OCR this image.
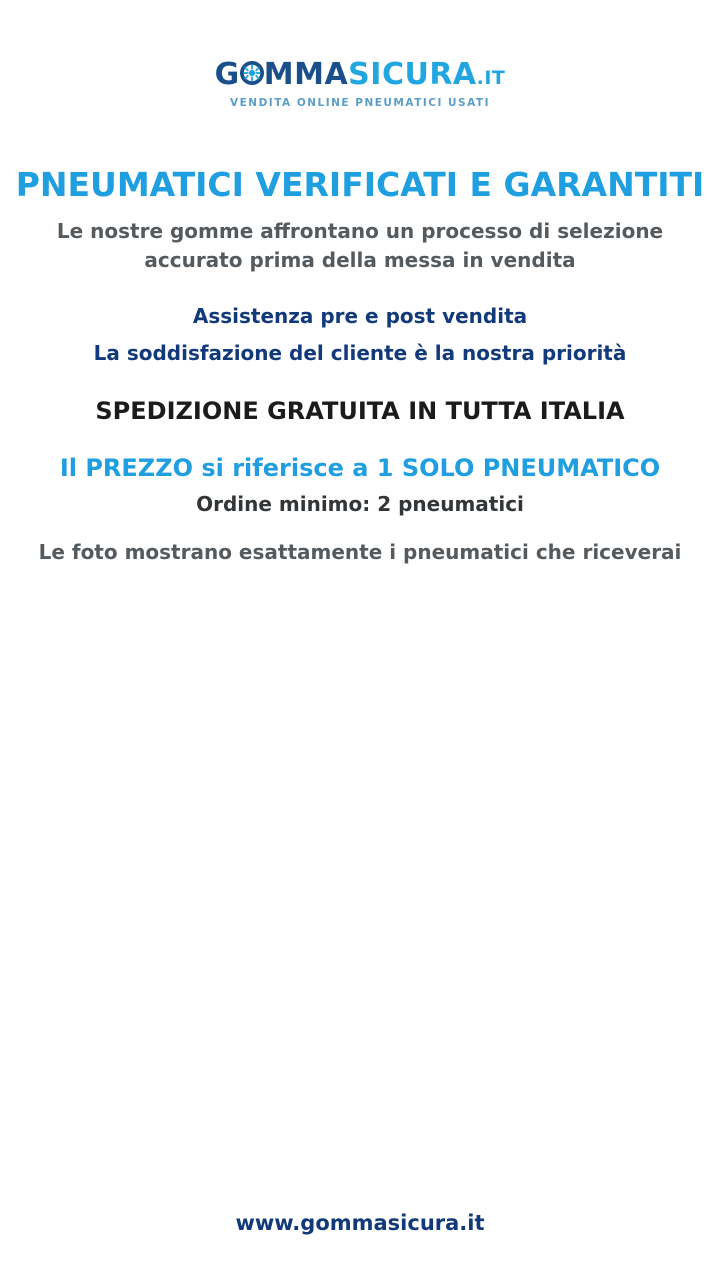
G MMASICURA.IT
VENDITA ONLINE PNEUMATICI USATI
PNEUMATICI VERIFICATI E GARANTITI
Le nostre gomme affrontano un processo di selezione accurato prima della messa in vendita
Assistenza pre e post vendita
La soddisfazione del cliente è la nostra priorità
SPEDIZIONE GRATUITA IN TUTTA ITALIA
Il PREZZO si riferisce a 1 SOLO PNEUMATICO
Ordine minimo: 2 pneumatici
Le foto mostrano esattamente i pneumatici che riceverai
www.gommasicura.it
